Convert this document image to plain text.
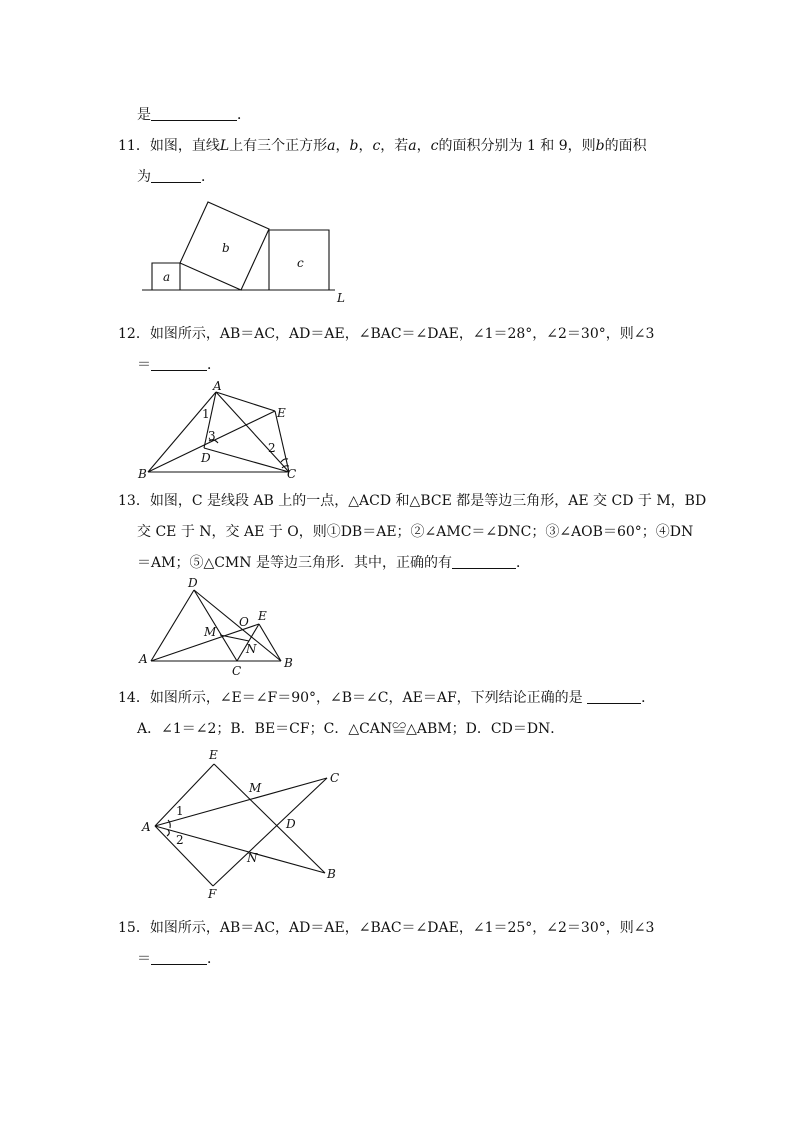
是	．
11．如图，直线L上有三个正方形a，b，c，若a，c的面积分别为 1 和 9，则b的面积
为	．
a
b
c
L
12．如图所示，AB＝AC，AD＝AE，∠BAC＝∠DAE，∠1＝28°，∠2＝30°，则∠3
＝	．
A
B	C
D
E
1
2
3
13．如图，C 是线段 AB 上的一点，△ACD 和△BCE 都是等边三角形，AE 交 CD 于 M，BD
交 CE 于 N，交 AE 于 O，则①DB＝AE；②∠AMC＝∠DNC；③∠AOB＝60°；④DN
＝AM；⑤△CMN 是等边三角形．其中，正确的有	．
A	B
C
D
E
M
N
O
14．如图所示，∠E＝∠F＝90°，∠B＝∠C，AE＝AF，下列结论正确的是	．
A．∠1＝∠2；B．BE＝CF；C．△CAN≌△ABM；D．CD＝DN．
A
B
C
D
E
F
M
N
1
2
15．如图所示，AB＝AC，AD＝AE，∠BAC＝∠DAE，∠1＝25°，∠2＝30°，则∠3
＝	．
